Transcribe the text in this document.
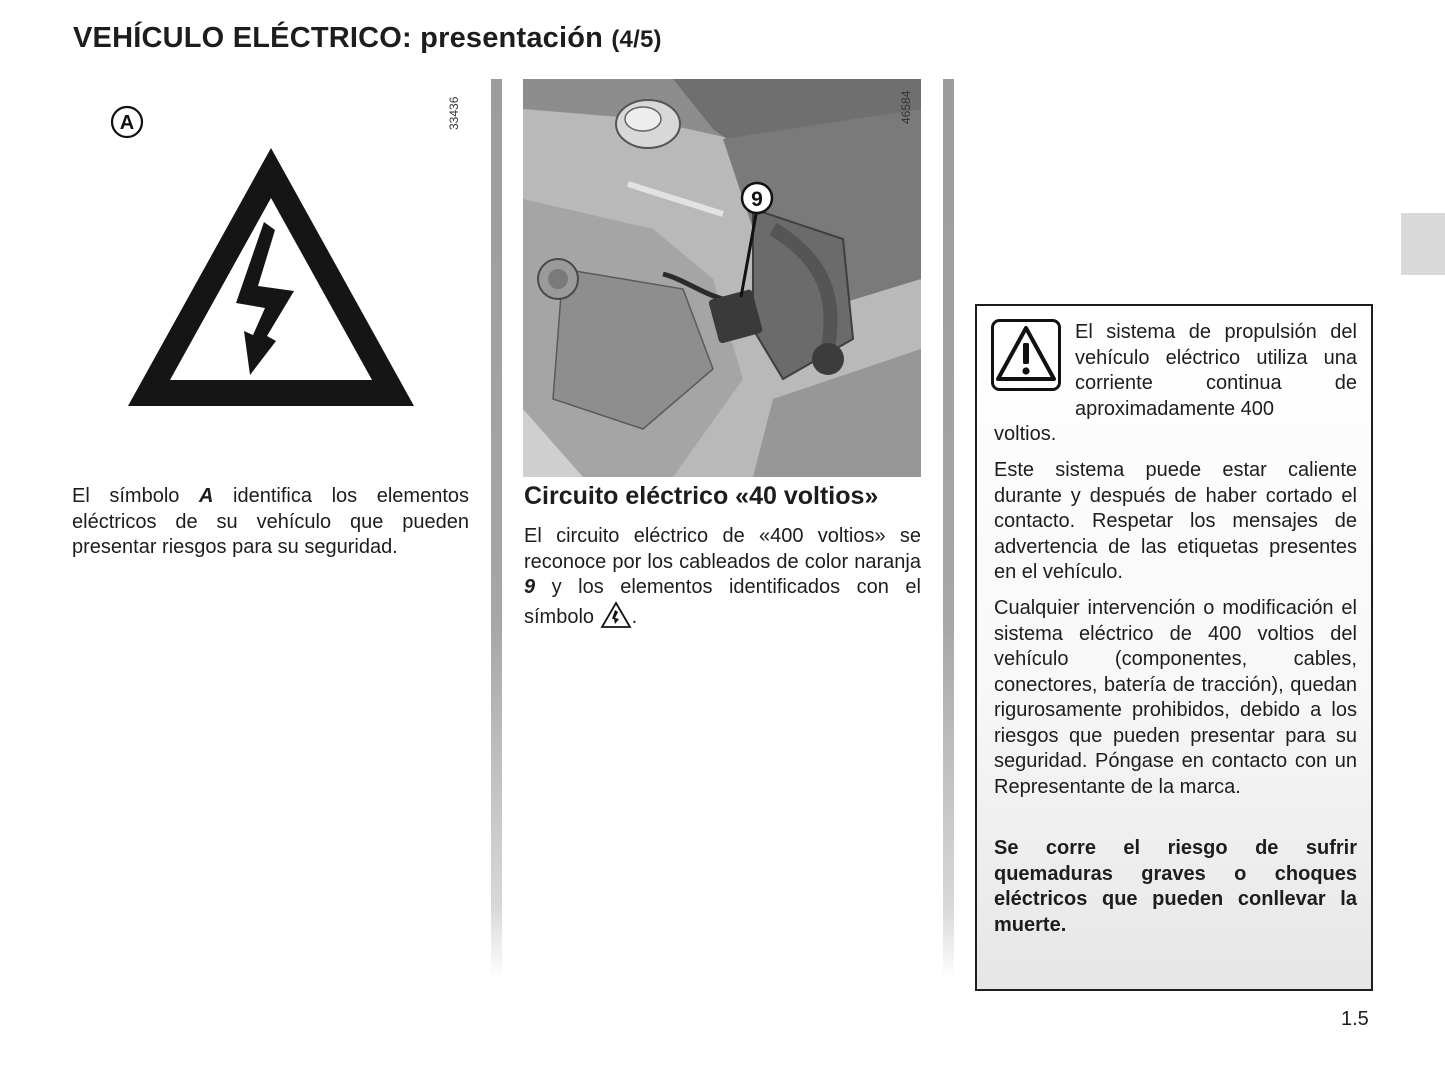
VEHÍCULO ELÉCTRICO: presentación (4/5)
33436
A

El símbolo A identifica los elementos eléctricos de su vehículo que pueden presentar riesgos para su seguridad.

9
46584
Circuito eléctrico «40 voltios»

El circuito eléctrico de «400 voltios» se reconoce por los cableados de color naranja 9 y los elementos identificados con el símbolo .

El sistema de propulsión del vehículo eléctrico utiliza una corriente continua de aproximadamente 400

voltios.

Este sistema puede estar caliente durante y después de haber cortado el contacto. Respetar los mensajes de advertencia de las etiquetas presentes en el vehículo.

Cualquier intervención o modificación el sistema eléctrico de 400 voltios del vehículo (componentes, cables, conectores, batería de tracción), quedan rigurosamente prohibidos, debido a los riesgos que pueden presentar para su seguridad. Póngase en contacto con un Representante de la marca.

Se corre el riesgo de sufrir quemaduras graves o choques eléctricos que pueden conllevar la muerte.

1.5
